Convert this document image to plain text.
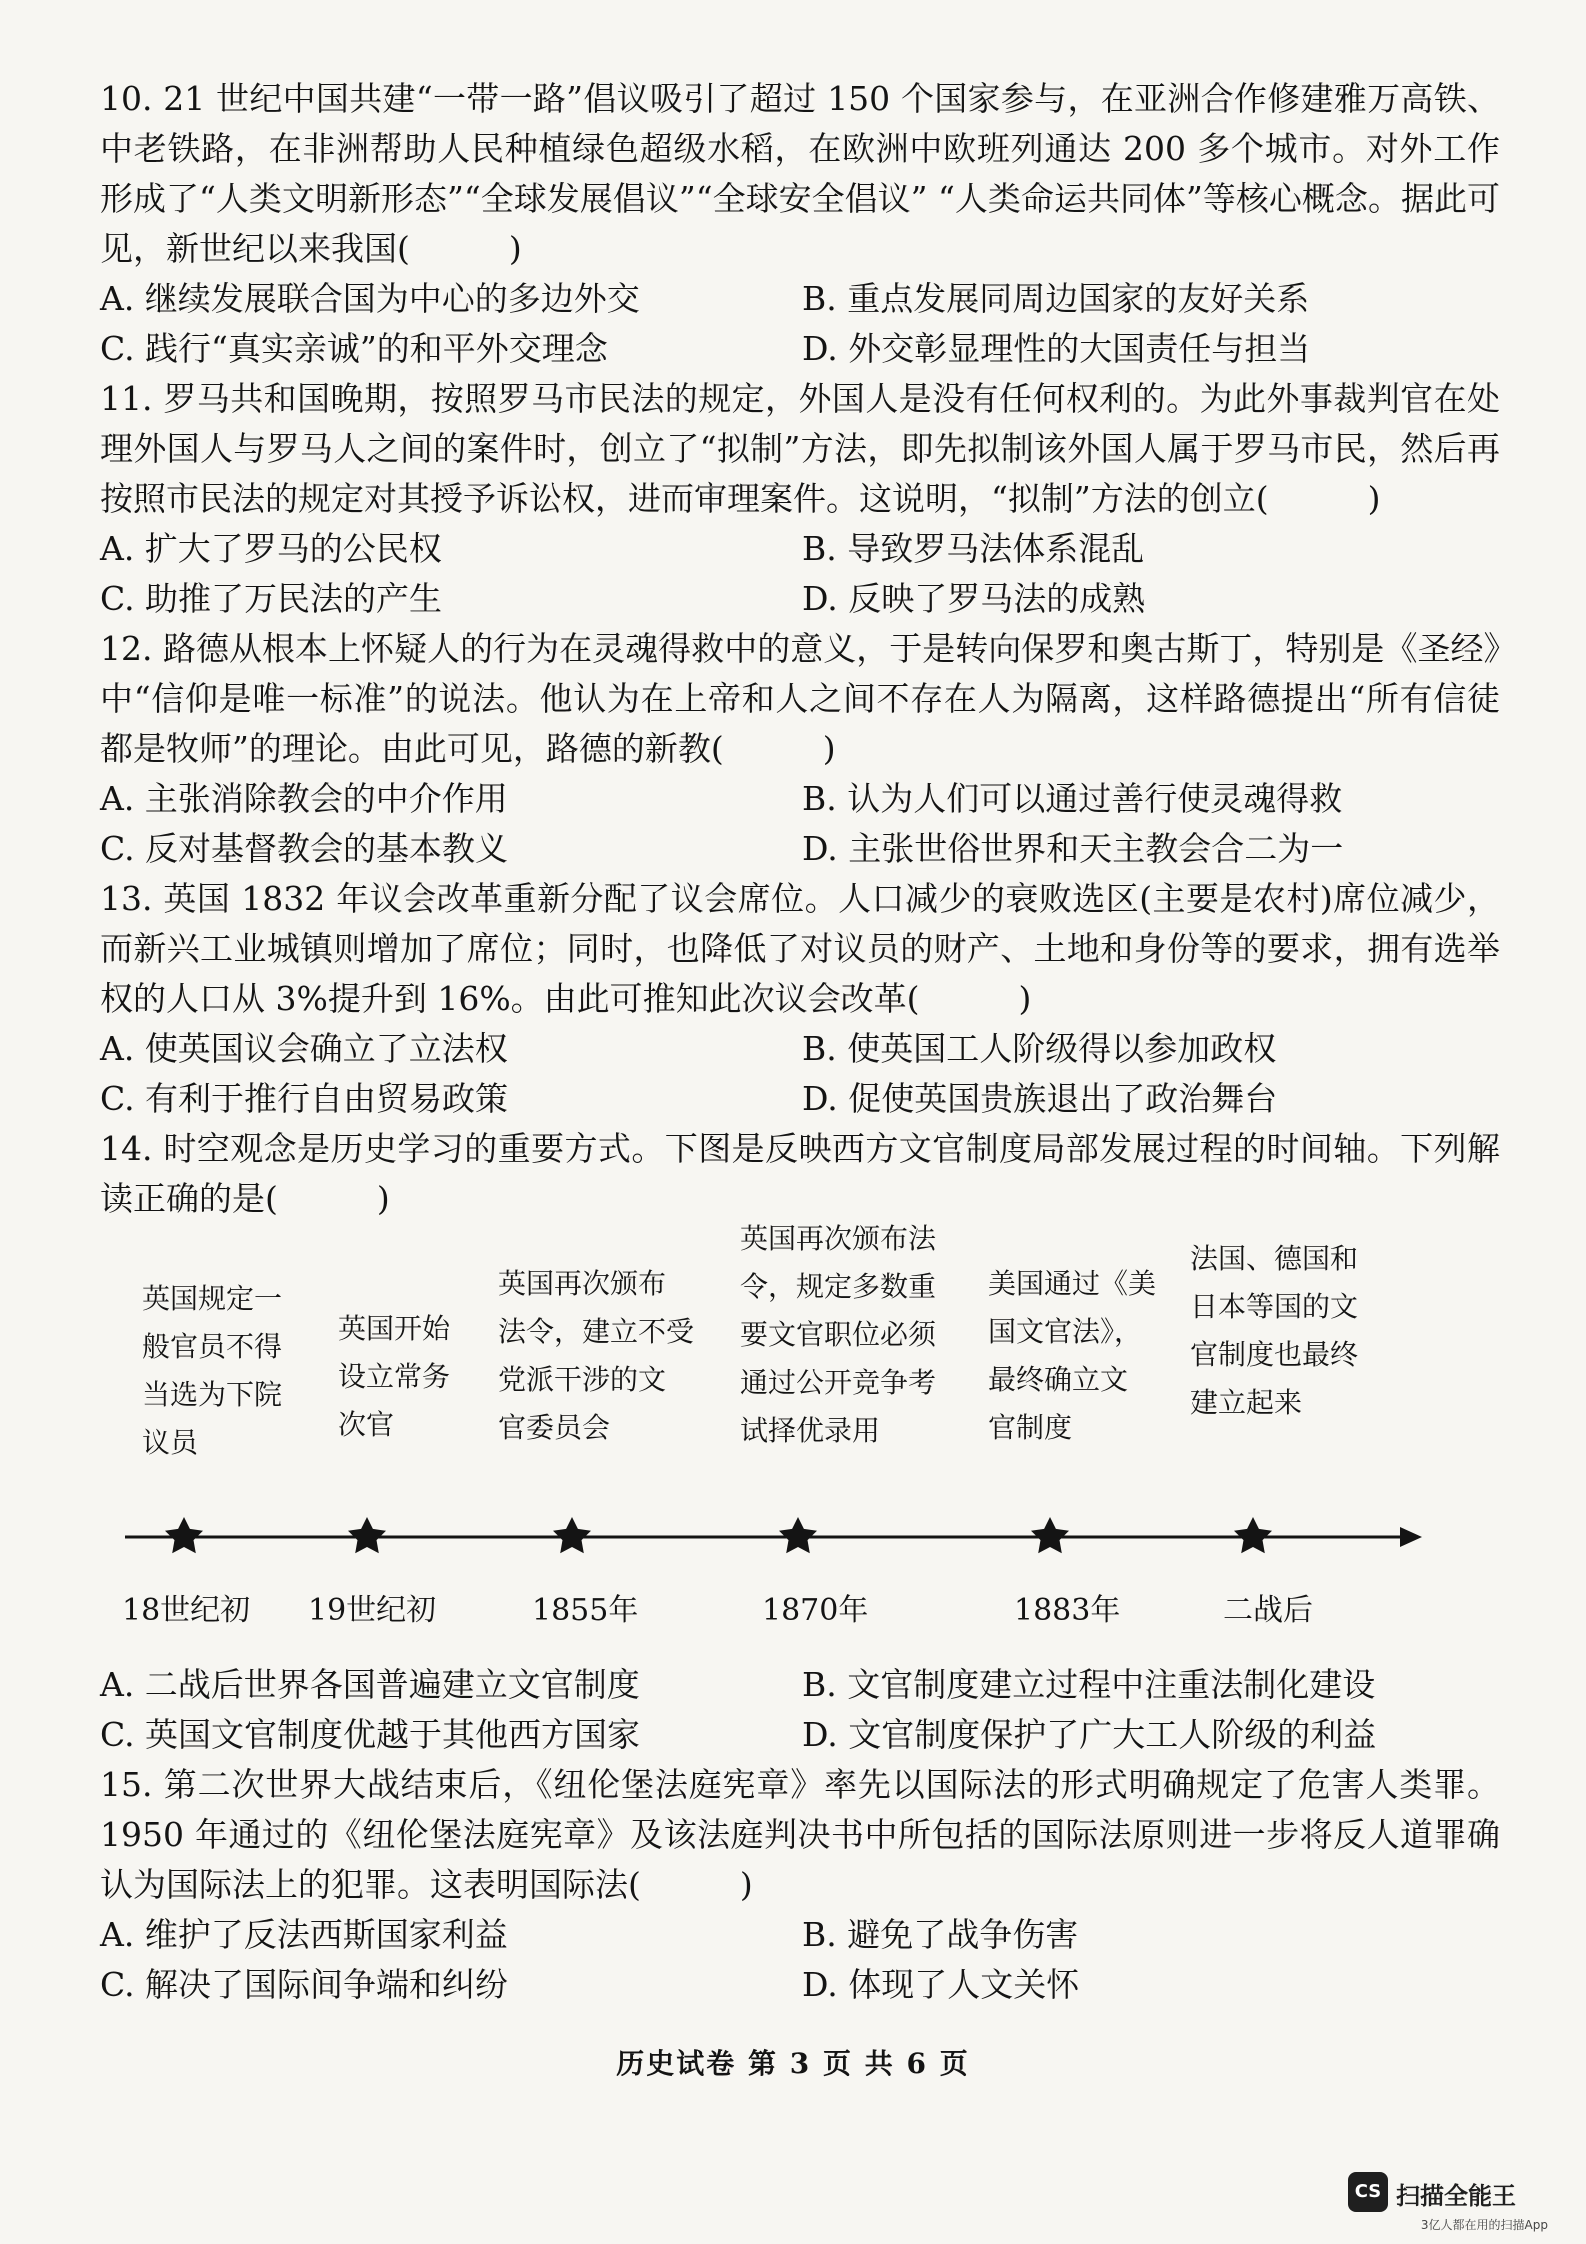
10. 21 世纪中国共建“一带一路”倡议吸引了超过 150 个国家参与，在亚洲合作修建雅万高铁、中老铁路，在非洲帮助人民种植绿色超级水稻，在欧洲中欧班列通达 200 多个城市。对外工作形成了“人类文明新形态”“全球发展倡议”“全球安全倡议” “人类命运共同体”等核心概念。据此可见，新世纪以来我国(　　　)
A. 继续发展联合国为中心的多边外交	B. 重点发展同周边国家的友好关系
C. 践行“真实亲诚”的和平外交理念	D. 外交彰显理性的大国责任与担当
11. 罗马共和国晚期，按照罗马市民法的规定，外国人是没有任何权利的。为此外事裁判官在处理外国人与罗马人之间的案件时，创立了“拟制”方法，即先拟制该外国人属于罗马市民，然后再按照市民法的规定对其授予诉讼权，进而审理案件。这说明，“拟制”方法的创立(　　　)
A. 扩大了罗马的公民权	B. 导致罗马法体系混乱
C. 助推了万民法的产生	D. 反映了罗马法的成熟
12. 路德从根本上怀疑人的行为在灵魂得救中的意义，于是转向保罗和奥古斯丁，特别是《圣经》中“信仰是唯一标准”的说法。他认为在上帝和人之间不存在人为隔离，这样路德提出“所有信徒都是牧师”的理论。由此可见，路德的新教(　　　)
A. 主张消除教会的中介作用	B. 认为人们可以通过善行使灵魂得救
C. 反对基督教会的基本教义	D. 主张世俗世界和天主教会合二为一
13. 英国 1832 年议会改革重新分配了议会席位。人口减少的衰败选区(主要是农村)席位减少，而新兴工业城镇则增加了席位；同时，也降低了对议员的财产、土地和身份等的要求，拥有选举权的人口从 3%提升到 16%。由此可推知此次议会改革(　　　)
A. 使英国议会确立了立法权	B. 使英国工人阶级得以参加政权
C. 有利于推行自由贸易政策	D. 促使英国贵族退出了政治舞台
14. 时空观念是历史学习的重要方式。下图是反映西方文官制度局部发展过程的时间轴。下列解读正确的是(　　　)
英国规定一
般官员不得
当选为下院
议员
英国开始
设立常务
次官
英国再次颁布
法令，建立不受
党派干涉的文
官委员会
英国再次颁布法
令，规定多数重
要文官职位必须
通过公开竞争考
试择优录用
美国通过《美
国文官法》，
最终确立文
官制度
法国、德国和
日本等国的文
官制度也最终
建立起来
18世纪初 19世纪初	1855年	1870年	1883年	二战后
A. 二战后世界各国普遍建立文官制度	B. 文官制度建立过程中注重法制化建设
C. 英国文官制度优越于其他西方国家	D. 文官制度保护了广大工人阶级的利益
15. 第二次世界大战结束后，《纽伦堡法庭宪章》率先以国际法的形式明确规定了危害人类罪。1950 年通过的《纽伦堡法庭宪章》及该法庭判决书中所包括的国际法原则进一步将反人道罪确认为国际法上的犯罪。这表明国际法(　　　)
A. 维护了反法西斯国家利益	B. 避免了战争伤害
C. 解决了国际间争端和纠纷	D. 体现了人文关怀
历史试卷 第 3 页 共 6 页
CS 扫描全能王
3亿人都在用的扫描App
